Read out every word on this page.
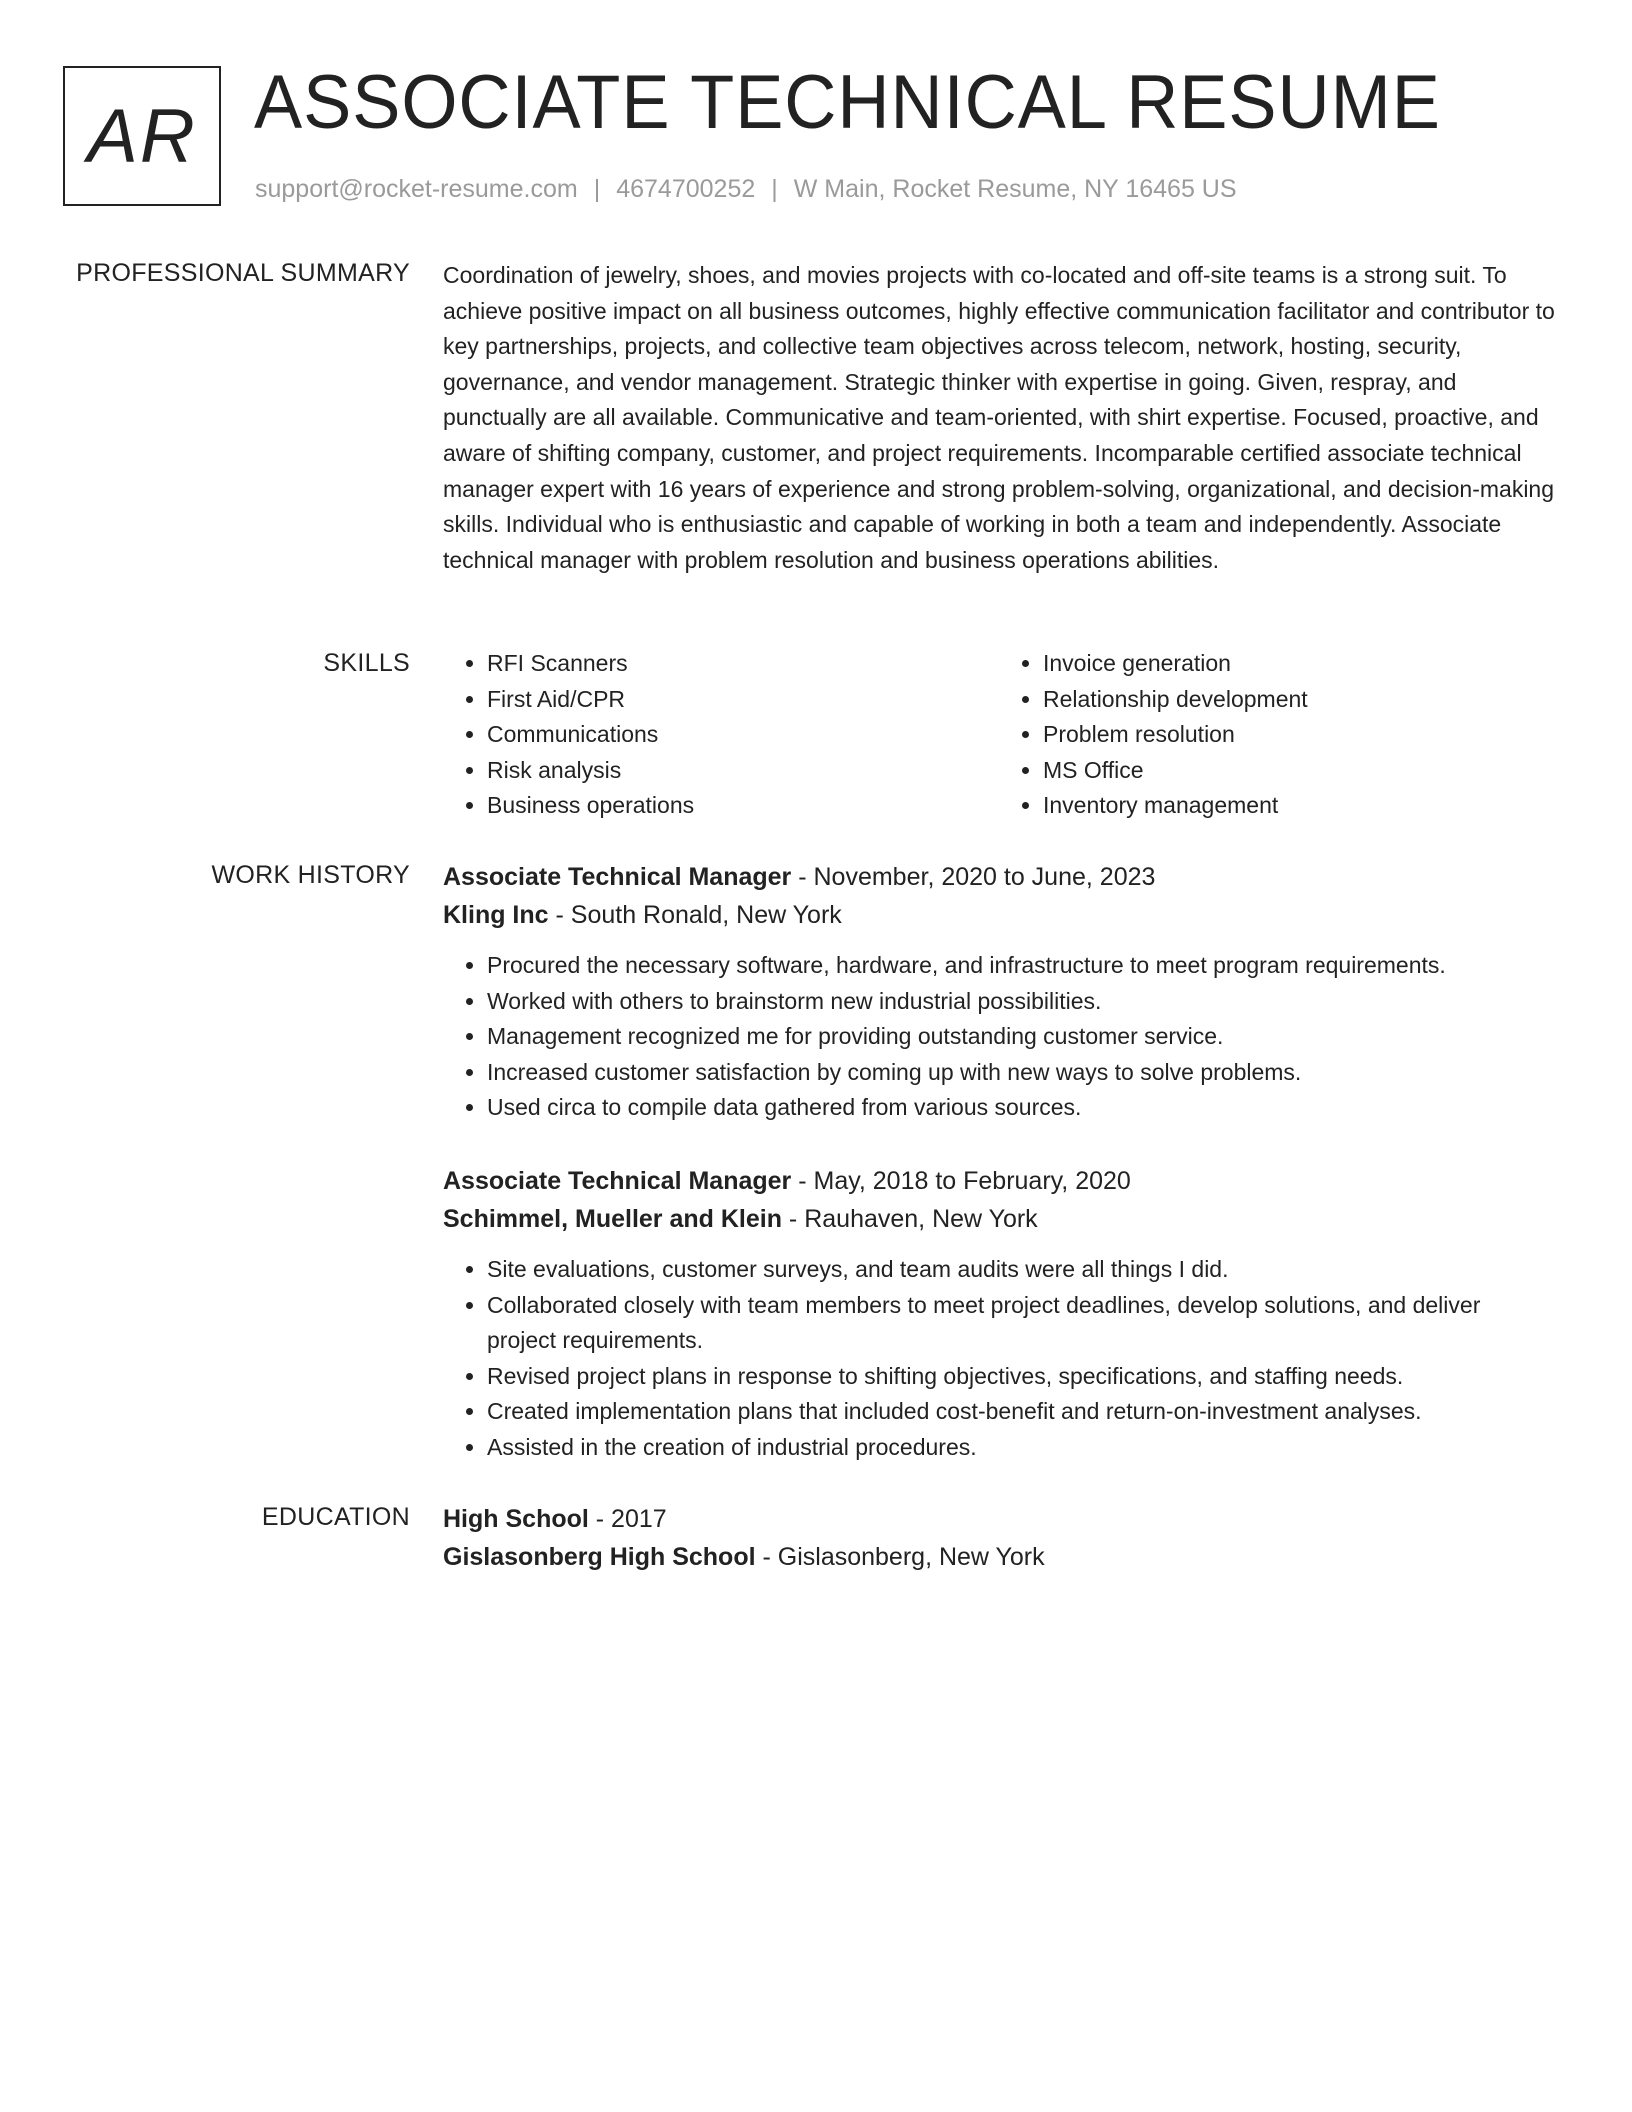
AR ASSOCIATE TECHNICAL RESUME
support@rocket-resume.com | 4674700252 | W Main, Rocket Resume, NY 16465 US
PROFESSIONAL SUMMARY Coordination of jewelry, shoes, and movies projects with co-located and off-site teams is a strong suit. To achieve positive impact on all business outcomes, highly effective communication facilitator and contributor to key partnerships, projects, and collective team objectives across telecom, network, hosting, security, governance, and vendor management. Strategic thinker with expertise in going. Given, respray, and punctually are all available. Communicative and team-oriented, with shirt expertise. Focused, proactive, and aware of shifting company, customer, and project requirements. Incomparable certified associate technical manager expert with 16 years of experience and strong problem-solving, organizational, and decision-making skills. Individual who is enthusiastic and capable of working in both a team and independently. Associate technical manager with problem resolution and business operations abilities.

SKILLS
•	RFI Scanners
• First Aid/CPR
• Communications
• Risk analysis
• Business operations
• Invoice generation
• Relationship development
• Problem resolution
• MS Office
• Inventory management
WORK HISTORY Associate Technical Manager - November, 2020 to June, 2023
Kling Inc - South Ronald, New York
• Procured the necessary software, hardware, and infrastructure to meet program requirements.
• Worked with others to brainstorm new industrial possibilities.
• Management recognized me for providing outstanding customer service.
• Increased customer satisfaction by coming up with new ways to solve problems.
• Used circa to compile data gathered from various sources.
Associate Technical Manager - May, 2018 to February, 2020
Schimmel, Mueller and Klein - Rauhaven, New York
• Site evaluations, customer surveys, and team audits were all things I did.
• Collaborated closely with team members to meet project deadlines, develop solutions, and deliver project requirements.
• Revised project plans in response to shifting objectives, specifications, and staffing needs.
• Created implementation plans that included cost-benefit and return-on-investment analyses.
• Assisted in the creation of industrial procedures.
EDUCATION High School - 2017
Gislasonberg High School - Gislasonberg, New York
